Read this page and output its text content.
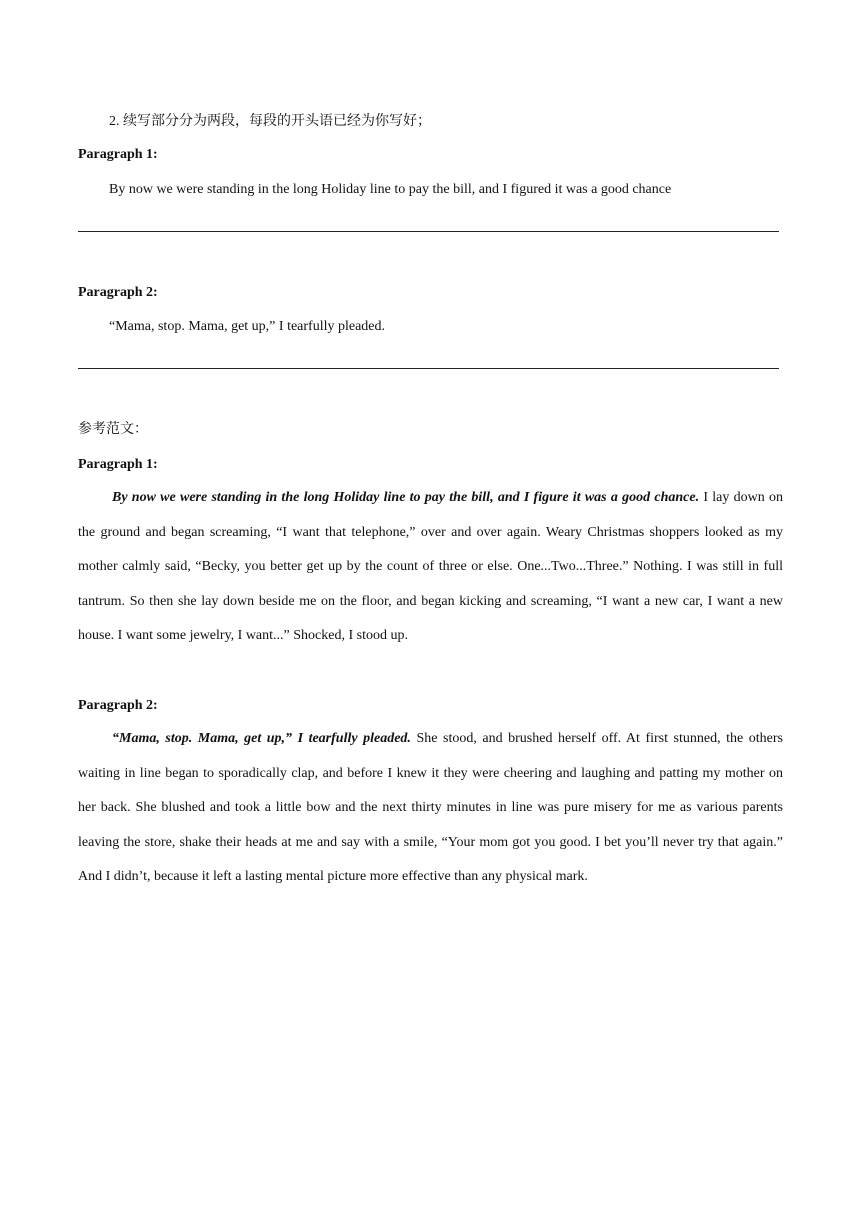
2. 续写部分分为两段，每段的开头语已经为你写好；

Paragraph 1:

By now we were standing in the long Holiday line to pay the bill, and I figured it was a good chance

Paragraph 2:

“Mama, stop. Mama, get up,” I tearfully pleaded.

参考范文：

Paragraph 1:

By now we were standing in the long Holiday line to pay the bill, and I figure it was a good chance. I lay down on the ground and began screaming, “I want that telephone,” over and over again. Weary Christmas shoppers looked as my mother calmly said, “Becky, you better get up by the count of three or else. One...Two...Three.” Nothing. I was still in full tantrum. So then she lay down beside me on the floor, and began kicking and screaming, “I want a new car, I want a new house. I want some jewelry, I want...” Shocked, I stood up.

Paragraph 2:

“Mama, stop. Mama, get up,” I tearfully pleaded. She stood, and brushed herself off. At first stunned, the others waiting in line began to sporadically clap, and before I knew it they were cheering and laughing and patting my mother on her back. She blushed and took a little bow and the next thirty minutes in line was pure misery for me as various parents leaving the store, shake their heads at me and say with a smile, “Your mom got you good. I bet you’ll never try that again.” And I didn’t, because it left a lasting mental picture more effective than any physical mark.
